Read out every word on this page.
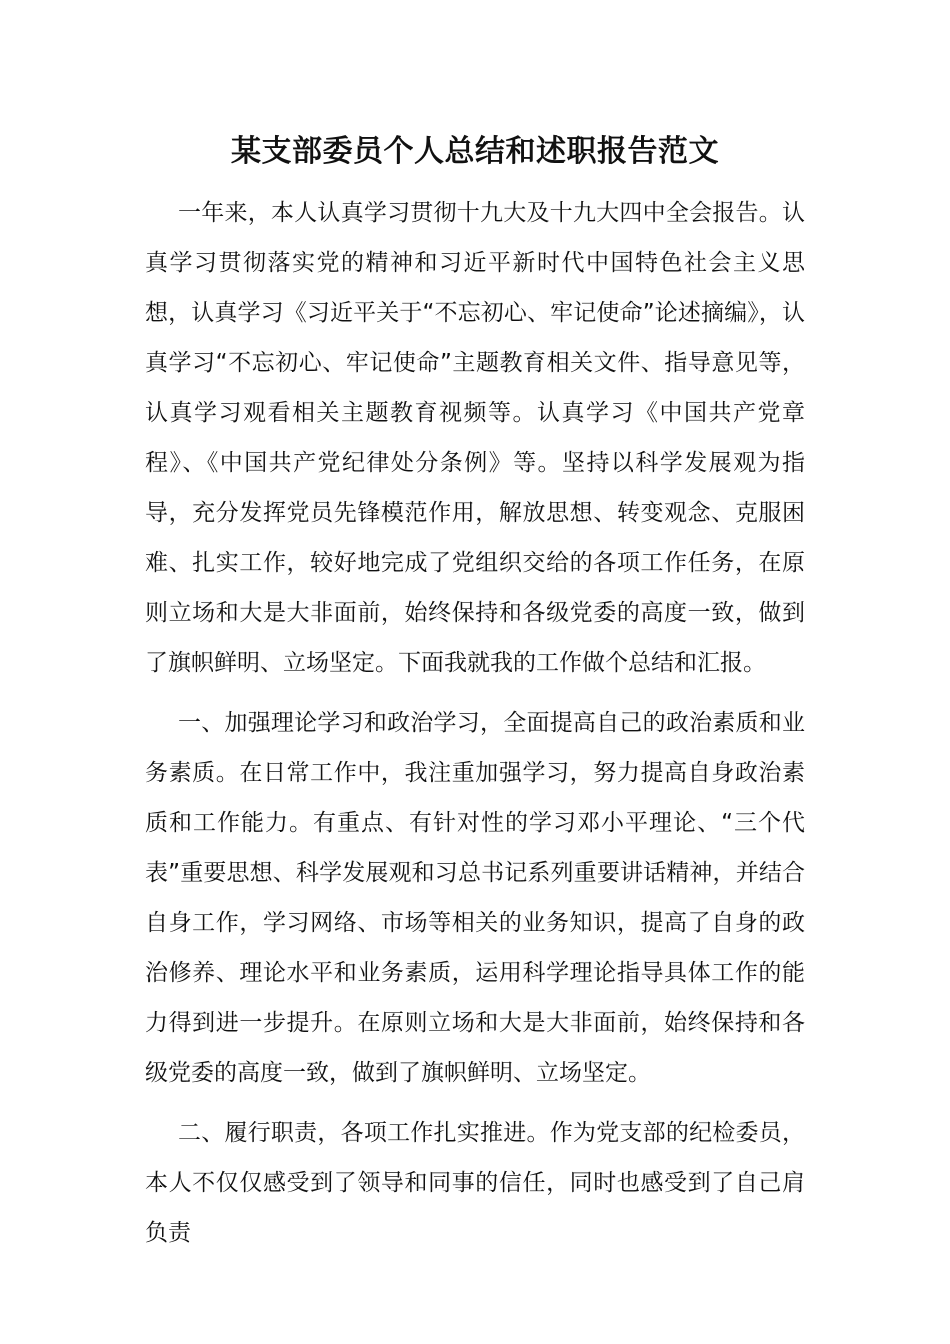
某支部委员个人总结和述职报告范文

一年来，本人认真学习贯彻十九大及十九大四中全会报告。认真学习贯彻落实党的精神和习近平新时代中国特色社会主义思想，认真学习《习近平关于“不忘初心、牢记使命”论述摘编》，认真学习“不忘初心、牢记使命”主题教育相关文件、指导意见等，认真学习观看相关主题教育视频等。认真学习《中国共产党章程》、《中国共产党纪律处分条例》等。坚持以科学发展观为指导，充分发挥党员先锋模范作用，解放思想、转变观念、克服困难、扎实工作，较好地完成了党组织交给的各项工作任务，在原则立场和大是大非面前，始终保持和各级党委的高度一致，做到了旗帜鲜明、立场坚定。下面我就我的工作做个总结和汇报。

一、加强理论学习和政治学习，全面提高自己的政治素质和业务素质。在日常工作中，我注重加强学习，努力提高自身政治素质和工作能力。有重点、有针对性的学习邓小平理论、“三个代表”重要思想、科学发展观和习总书记系列重要讲话精神，并结合自身工作，学习网络、市场等相关的业务知识，提高了自身的政治修养、理论水平和业务素质，运用科学理论指导具体工作的能力得到进一步提升。在原则立场和大是大非面前，始终保持和各级党委的高度一致，做到了旗帜鲜明、立场坚定。

二、履行职责，各项工作扎实推进。作为党支部的纪检委员，本人不仅仅感受到了领导和同事的信任，同时也感受到了自己肩负责
